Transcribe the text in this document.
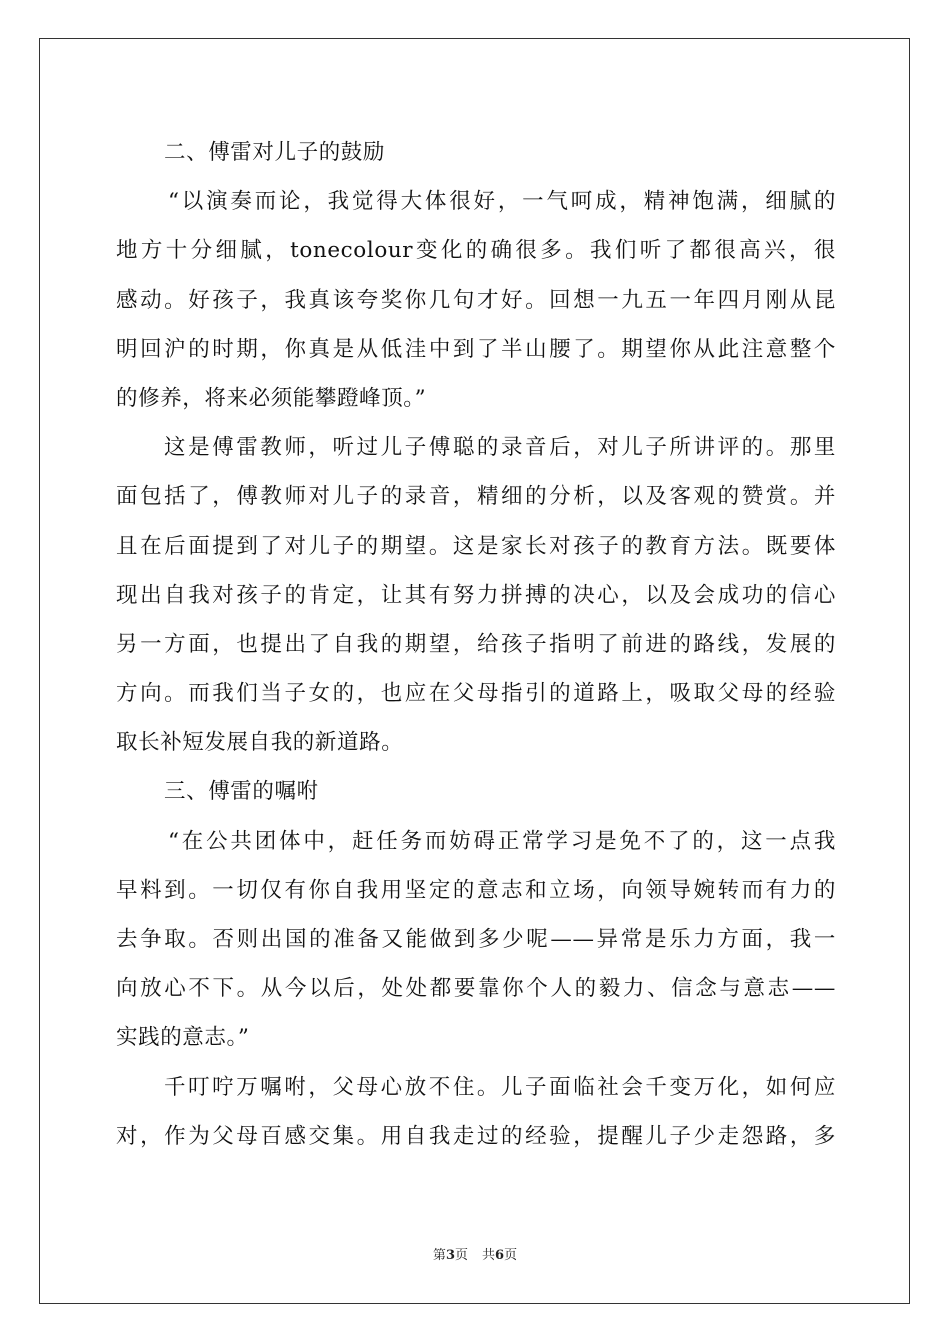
二、傅雷对儿子的鼓励
“以演奏而论，我觉得大体很好，一气呵成，精神饱满，细腻的
地方十分细腻，tonecolour变化的确很多。我们听了都很高兴，很
感动。好孩子，我真该夸奖你几句才好。回想一九五一年四月刚从昆
明回沪的时期，你真是从低洼中到了半山腰了。期望你从此注意整个
的修养，将来必须能攀蹬峰顶。”
这是傅雷教师，听过儿子傅聪的录音后，对儿子所讲评的。那里
面包括了，傅教师对儿子的录音，精细的分析，以及客观的赞赏。并
且在后面提到了对儿子的期望。这是家长对孩子的教育方法。既要体
现出自我对孩子的肯定，让其有努力拼搏的决心，以及会成功的信心
另一方面，也提出了自我的期望，给孩子指明了前进的路线，发展的
方向。而我们当子女的，也应在父母指引的道路上，吸取父母的经验
取长补短发展自我的新道路。
三、傅雷的嘱咐
“在公共团体中，赶任务而妨碍正常学习是免不了的，这一点我
早料到。一切仅有你自我用坚定的意志和立场，向领导婉转而有力的
去争取。否则出国的准备又能做到多少呢——异常是乐力方面，我一
向放心不下。从今以后，处处都要靠你个人的毅力、信念与意志——
实践的意志。”
千叮咛万嘱咐，父母心放不住。儿子面临社会千变万化，如何应
对，作为父母百感交集。用自我走过的经验，提醒儿子少走怨路，多
第3页 共6页
